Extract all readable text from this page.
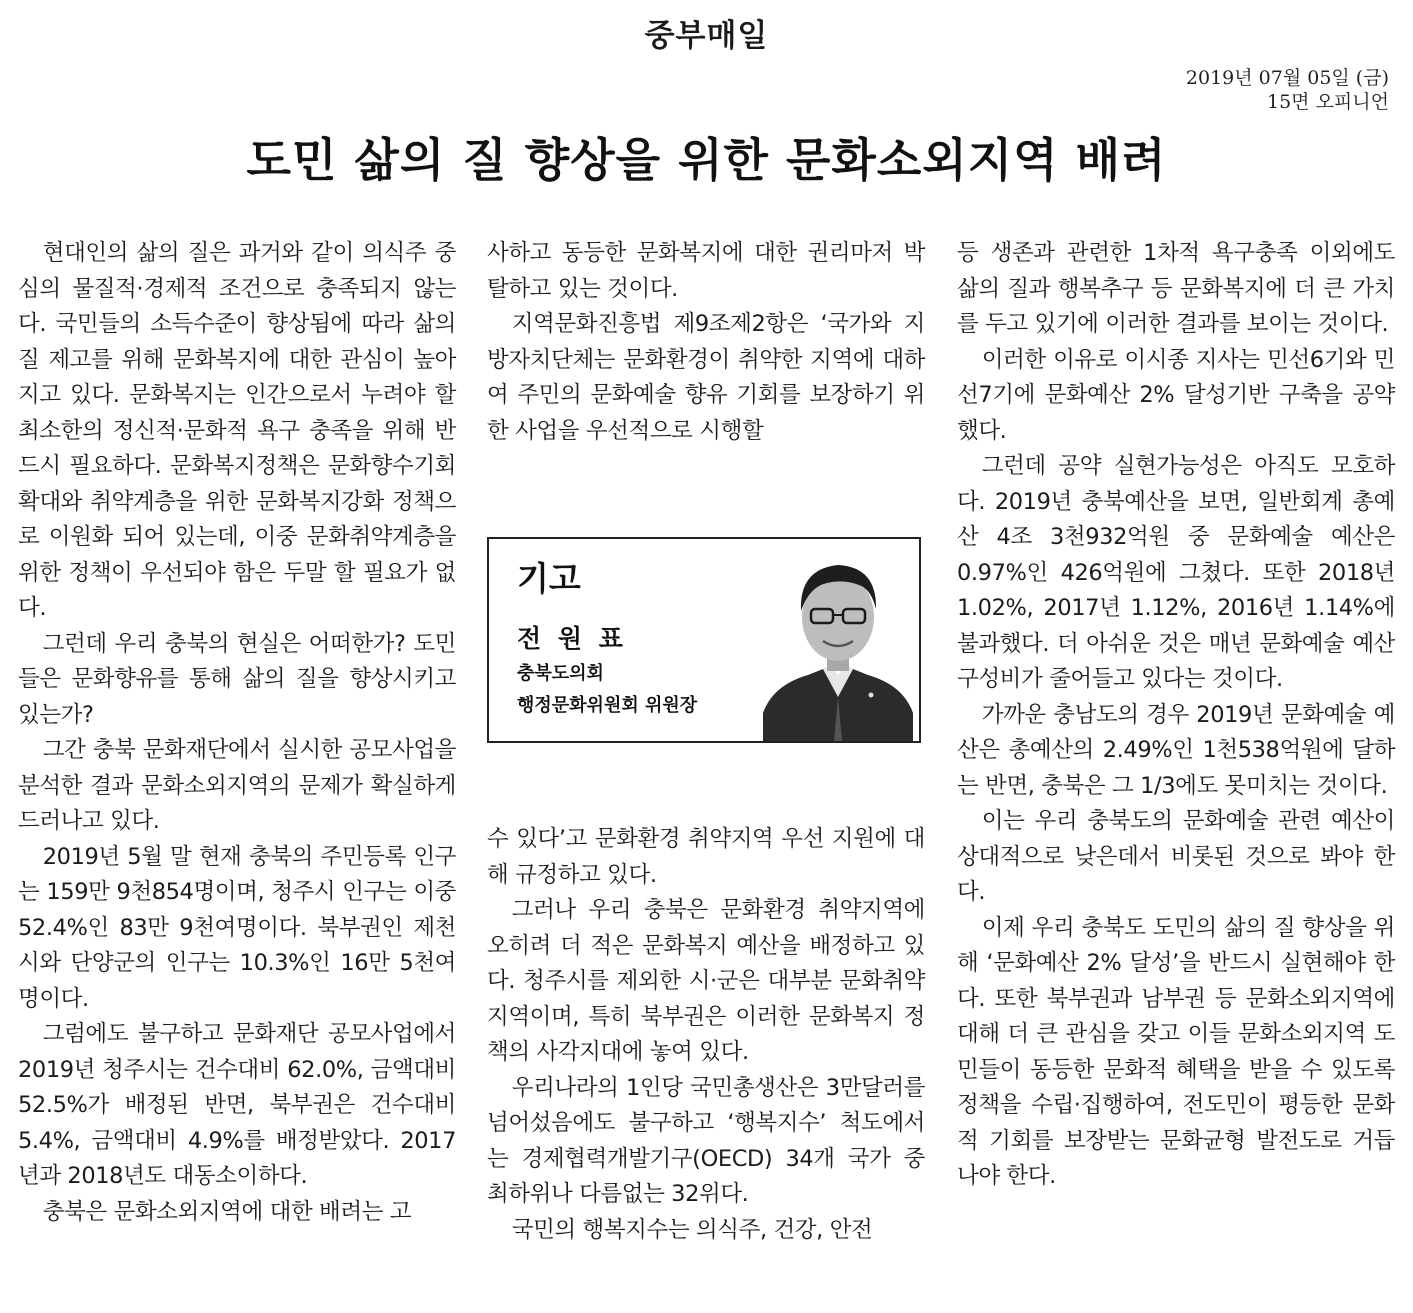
중부매일
2019년 07월 05일 (금)
15면 오피니언
도민 삶의 질 향상을 위한 문화소외지역 배려

현대인의 삶의 질은 과거와 같이 의식주 중심의 물질적·경제적 조건으로 충족되지 않는다. 국민들의 소득수준이 향상됨에 따라 삶의 질 제고를 위해 문화복지에 대한 관심이 높아지고 있다. 문화복지는 인간으로서 누려야 할 최소한의 정신적·문화적 욕구 충족을 위해 반드시 필요하다. 문화복지정책은 문화향수기회 확대와 취약계층을 위한 문화복지강화 정책으로 이원화 되어 있는데, 이중 문화취약계층을 위한 정책이 우선되야 함은 두말 할 필요가 없다.

그런데 우리 충북의 현실은 어떠한가? 도민들은 문화향유를 통해 삶의 질을 향상시키고 있는가?

그간 충북 문화재단에서 실시한 공모사업을 분석한 결과 문화소외지역의 문제가 확실하게 드러나고 있다.

2019년 5월 말 현재 충북의 주민등록 인구는 159만 9천854명이며, 청주시 인구는 이중 52.4%인 83만 9천여명이다. 북부권인 제천시와 단양군의 인구는 10.3%인 16만 5천여명이다.

그럼에도 불구하고 문화재단 공모사업에서 2019년 청주시는 건수대비 62.0%, 금액대비 52.5%가 배정된 반면, 북부권은 건수대비 5.4%, 금액대비 4.9%를 배정받았다. 2017년과 2018년도 대동소이하다.

충북은 문화소외지역에 대한 배려는 고

사하고 동등한 문화복지에 대한 권리마저 박탈하고 있는 것이다.

지역문화진흥법 제9조제2항은 ‘국가와 지방자치단체는 문화환경이 취약한 지역에 대하여 주민의 문화예술 향유 기회를 보장하기 위한 사업을 우선적으로 시행할

기고
전 원 표
충북도의회
행정문화위원회 위원장

수 있다’고 문화환경 취약지역 우선 지원에 대해 규정하고 있다.

그러나 우리 충북은 문화환경 취약지역에 오히려 더 적은 문화복지 예산을 배정하고 있다. 청주시를 제외한 시·군은 대부분 문화취약 지역이며, 특히 북부권은 이러한 문화복지 정책의 사각지대에 놓여 있다.

우리나라의 1인당 국민총생산은 3만달러를 넘어섰음에도 불구하고 ‘행복지수’ 척도에서는 경제협력개발기구(OECD) 34개 국가 중 최하위나 다름없는 32위다.

국민의 행복지수는 의식주, 건강, 안전

등 생존과 관련한 1차적 욕구충족 이외에도 삶의 질과 행복추구 등 문화복지에 더 큰 가치를 두고 있기에 이러한 결과를 보이는 것이다.

이러한 이유로 이시종 지사는 민선6기와 민선7기에 문화예산 2% 달성기반 구축을 공약했다.

그런데 공약 실현가능성은 아직도 모호하다. 2019년 충북예산을 보면, 일반회계 총예산 4조 3천932억원 중 문화예술 예산은 0.97%인 426억원에 그쳤다. 또한 2018년 1.02%, 2017년 1.12%, 2016년 1.14%에 불과했다. 더 아쉬운 것은 매년 문화예술 예산 구성비가 줄어들고 있다는 것이다.

가까운 충남도의 경우 2019년 문화예술 예산은 총예산의 2.49%인 1천538억원에 달하는 반면, 충북은 그 1/3에도 못미치는 것이다.

이는 우리 충북도의 문화예술 관련 예산이 상대적으로 낮은데서 비롯된 것으로 봐야 한다.

이제 우리 충북도 도민의 삶의 질 향상을 위해 ‘문화예산 2% 달성’을 반드시 실현해야 한다. 또한 북부권과 남부권 등 문화소외지역에 대해 더 큰 관심을 갖고 이들 문화소외지역 도민들이 동등한 문화적 혜택을 받을 수 있도록 정책을 수립·집행하여, 전도민이 평등한 문화적 기회를 보장받는 문화균형 발전도로 거듭나야 한다.
